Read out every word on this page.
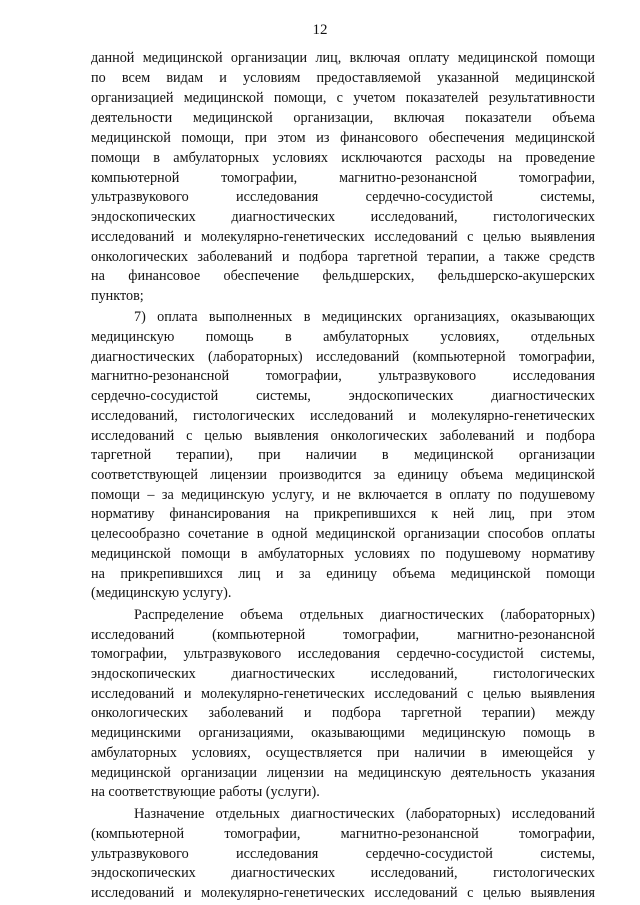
12
данной медицинской организации лиц, включая оплату медицинской помощи
по всем видам и условиям предоставляемой указанной медицинской
организацией медицинской помощи, с учетом показателей результативности
деятельности медицинской организации, включая показатели объема
медицинской помощи, при этом из финансового обеспечения медицинской
помощи в амбулаторных условиях исключаются расходы на проведение
компьютерной томографии, магнитно-резонансной томографии,
ультразвукового исследования сердечно-сосудистой системы,
эндоскопических диагностических исследований, гистологических
исследований и молекулярно-генетических исследований с целью выявления
онкологических заболеваний и подбора таргетной терапии, а также средств
на финансовое обеспечение фельдшерских, фельдшерско-акушерских
пунктов;
7) оплата выполненных в медицинских организациях, оказывающих
медицинскую помощь в амбулаторных условиях, отдельных
диагностических (лабораторных) исследований (компьютерной томографии,
магнитно-резонансной томографии, ультразвукового исследования
сердечно-сосудистой системы, эндоскопических диагностических
исследований, гистологических исследований и молекулярно-генетических
исследований с целью выявления онкологических заболеваний и подбора
таргетной терапии), при наличии в медицинской организации
соответствующей лицензии производится за единицу объема медицинской
помощи – за медицинскую услугу, и не включается в оплату по подушевому
нормативу финансирования на прикрепившихся к ней лиц, при этом
целесообразно сочетание в одной медицинской организации способов оплаты
медицинской помощи в амбулаторных условиях по подушевому нормативу
на прикрепившихся лиц и за единицу объема медицинской помощи
(медицинскую услугу).
Распределение объема отдельных диагностических (лабораторных)
исследований (компьютерной томографии, магнитно-резонансной
томографии, ультразвукового исследования сердечно-сосудистой системы,
эндоскопических диагностических исследований, гистологических
исследований и молекулярно-генетических исследований с целью выявления
онкологических заболеваний и подбора таргетной терапии) между
медицинскими организациями, оказывающими медицинскую помощь в
амбулаторных условиях, осуществляется при наличии в имеющейся у
медицинской организации лицензии на медицинскую деятельность указания
на соответствующие работы (услуги).
Назначение отдельных диагностических (лабораторных) исследований
(компьютерной томографии, магнитно-резонансной томографии,
ультразвукового исследования сердечно-сосудистой системы,
эндоскопических диагностических исследований, гистологических
исследований и молекулярно-генетических исследований с целью выявления
